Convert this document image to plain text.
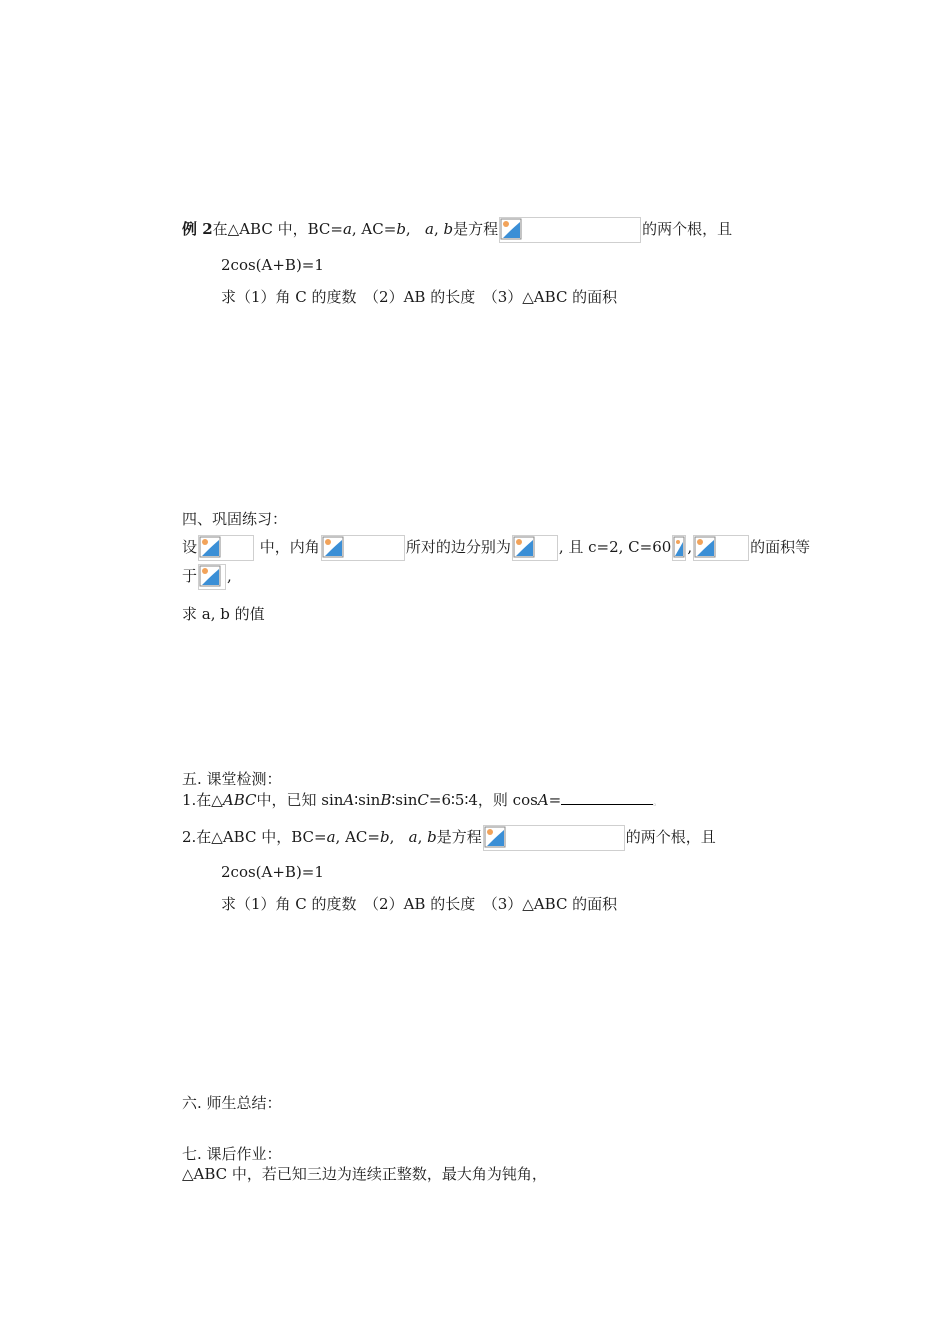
例 2在△ABC 中，BC=a, AC=b, a, b是方程	的两个根，且
2cos(A+B)=1
求（1）角 C 的度数　（2）AB 的长度　（3）△ABC 的面积
四、巩固练习：
设	中，内角	所对的边分别为	, 且 c=2, C=60 ,	的面积等
于 ,
求 a, b 的值
五. 课堂检测：
1.在△ABC中，已知 sinA∶sinB∶sinC=6∶5∶4，则 cosA=	。
2.在△ABC 中，BC=a, AC=b, a, b是方程	的两个根，且
2cos(A+B)=1
求（1）角 C 的度数　（2）AB 的长度　（3）△ABC 的面积
六. 师生总结：
七. 课后作业：
△ABC 中，若已知三边为连续正整数，最大角为钝角，
